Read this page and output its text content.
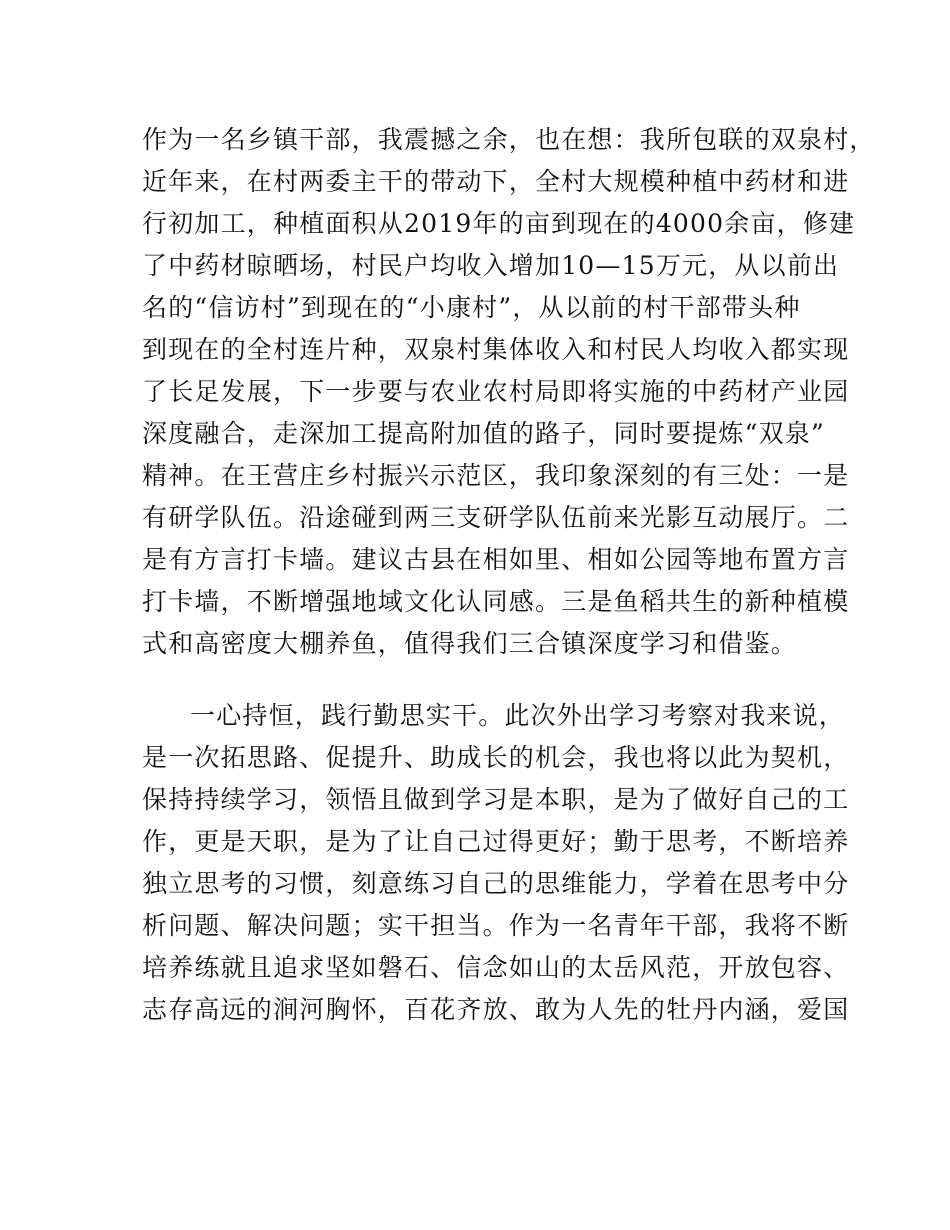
作为一名乡镇干部，我震撼之余，也在想：我所包联的双泉村，
近年来，在村两委主干的带动下，全村大规模种植中药材和进
行初加工，种植面积从2019年的亩到现在的4000余亩，修建
了中药材晾晒场，村民户均收入增加10—15万元，从以前出
名的“信访村”到现在的“小康村”，从以前的村干部带头种
到现在的全村连片种，双泉村集体收入和村民人均收入都实现
了长足发展，下一步要与农业农村局即将实施的中药材产业园
深度融合，走深加工提高附加值的路子，同时要提炼“双泉”
精神。在王营庄乡村振兴示范区，我印象深刻的有三处：一是
有研学队伍。沿途碰到两三支研学队伍前来光影互动展厅。二
是有方言打卡墙。建议古县在相如里、相如公园等地布置方言
打卡墙，不断增强地域文化认同感。三是鱼稻共生的新种植模
式和高密度大棚养鱼，值得我们三合镇深度学习和借鉴。
一心持恒，践行勤思实干。此次外出学习考察对我来说，
是一次拓思路、促提升、助成长的机会，我也将以此为契机，
保持持续学习，领悟且做到学习是本职，是为了做好自己的工
作，更是天职，是为了让自己过得更好；勤于思考，不断培养
独立思考的习惯，刻意练习自己的思维能力，学着在思考中分
析问题、解决问题；实干担当。作为一名青年干部，我将不断
培养练就且追求坚如磐石、信念如山的太岳风范，开放包容、
志存高远的涧河胸怀，百花齐放、敢为人先的牡丹内涵，爱国
